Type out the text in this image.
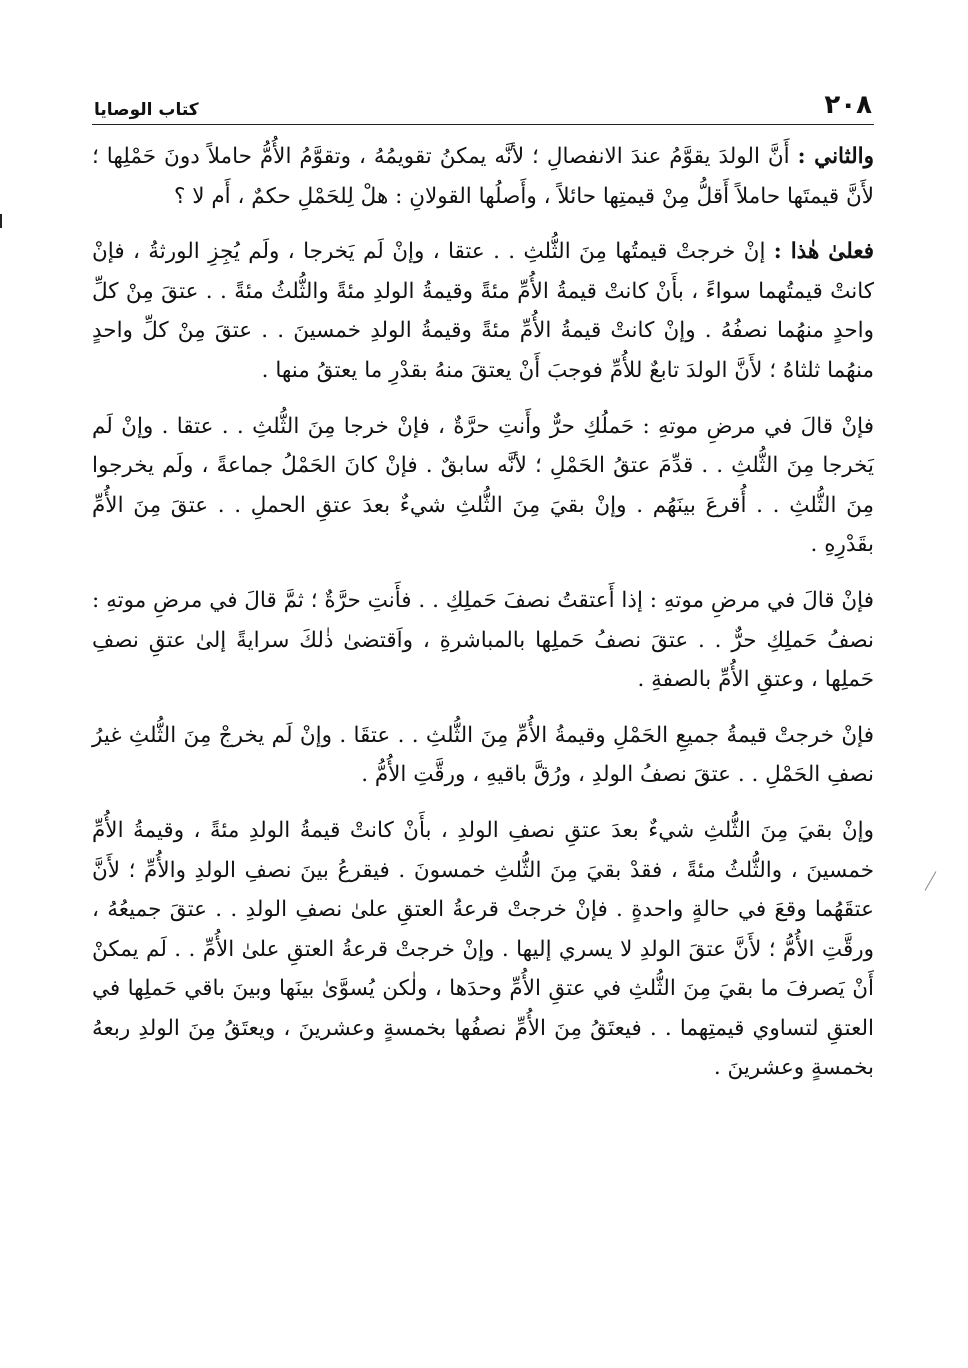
٢٠٨
كتاب الوصايا

والثاني : أَنَّ الولدَ يقوَّمُ عندَ الانفصالِ ؛ لأنَّه يمكنُ تقويمُهُ ، وتقوَّمُ الأُمُّ حاملاً دونَ حَمْلِها ؛ لأَنَّ قيمتَها حاملاً أَقلُّ مِنْ قيمتِها حائلاً ، وأَصلُها القولانِ : هلْ لِلحَمْلِ حكمٌ ، أَم لا ؟

فعلىٰ هٰذا : إنْ خرجتْ قيمتُها مِنَ الثُّلثِ . . عتقا ، وإنْ لَم يَخرجا ، ولَم يُجِزِ الورثةُ ، فإنْ كانتْ قيمتُهما سواءً ، بأَنْ كانتْ قيمةُ الأُمِّ مئةً وقيمةُ الولدِ مئةً والثُّلثُ مئةً . . عتقَ مِنْ كلِّ واحدٍ منهُما نصفُهُ . وإنْ كانتْ قيمةُ الأُمِّ مئةً وقيمةُ الولدِ خمسينَ . . عتقَ مِنْ كلِّ واحدٍ منهُما ثلثاهُ ؛ لأَنَّ الولدَ تابعٌ للأُمِّ فوجبَ أَنْ يعتقَ منهُ بقدْرِ ما يعتقُ منها .

فإنْ قالَ في مرضِ موتهِ : حَملُكِ حرٌّ وأَنتِ حرَّةٌ ، فإنْ خرجا مِنَ الثُّلثِ . . عتقا . وإنْ لَم يَخرجا مِنَ الثُّلثِ . . قدِّمَ عتقُ الحَمْلِ ؛ لأنَّه سابقٌ . فإنْ كانَ الحَمْلُ جماعةً ، ولَم يخرجوا مِنَ الثُّلثِ . . أُقرعَ بينَهُم . وإنْ بقيَ مِنَ الثُّلثِ شيءٌ بعدَ عتقِ الحملِ . . عتقَ مِنَ الأُمِّ بقَدْرِهِ .

فإنْ قالَ في مرضِ موتهِ : إذا أَعتقتُ نصفَ حَملِكِ . . فأَنتِ حرَّةٌ ؛ ثمَّ قالَ في مرضِ موتهِ : نصفُ حَملِكِ حرٌّ . . عتقَ نصفُ حَملِها بالمباشرةِ ، واَقتضىٰ ذٰلكَ سرايةً إلىٰ عتقِ نصفِ حَملِها ، وعتقِ الأُمِّ بالصفةِ .

فإنْ خرجتْ قيمةُ جميعِ الحَمْلِ وقيمةُ الأُمِّ مِنَ الثُّلثِ . . عتقَا . وإنْ لَم يخرجْ مِنَ الثُّلثِ غيرُ نصفِ الحَمْلِ . . عتقَ نصفُ الولدِ ، ورُقَّ باقيهِ ، ورقَّتِ الأُمُّ .

وإنْ بقيَ مِنَ الثُّلثِ شيءٌ بعدَ عتقِ نصفِ الولدِ ، بأَنْ كانتْ قيمةُ الولدِ مئةً ، وقيمةُ الأُمِّ خمسينَ ، والثُّلثُ مئةً ، فقدْ بقيَ مِنَ الثُّلثِ خمسونَ . فيقرعُ بينَ نصفِ الولدِ والأُمِّ ؛ لأَنَّ عتقَهُما وقعَ في حالةٍ واحدةٍ . فإنْ خرجتْ قرعةُ العتقِ علىٰ نصفِ الولدِ . . عتقَ جميعُهُ ، ورقَّتِ الأُمُّ ؛ لأَنَّ عتقَ الولدِ لا يسري إليها . وإنْ خرجتْ قرعةُ العتقِ علىٰ الأُمِّ . . لَم يمكنْ أَنْ يَصرفَ ما بقيَ مِنَ الثُّلثِ في عتقِ الأُمِّ وحدَها ، ولٰكن يُسوَّىٰ بينَها وبينَ باقي حَملِها في العتقِ لتساوي قيمتِهما . . فيعتَقُ مِنَ الأُمِّ نصفُها بخمسةٍ وعشرينَ ، ويعتَقُ مِنَ الولدِ ربعهُ بخمسةٍ وعشرينَ .
